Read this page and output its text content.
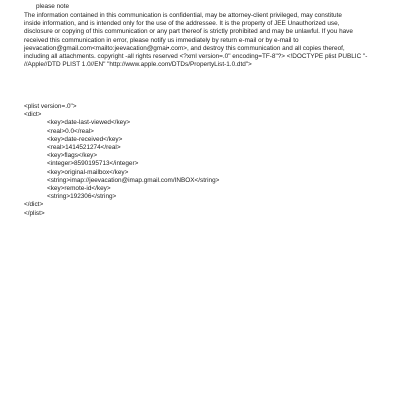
please note
The information contained in this communication is confidential, may be attorney-client privileged, may constitute
inside information, and is intended only for the use of the addressee. It is the property of JEE Unauthorized use,
disclosure or copying of this communication or any part thereof is strictly prohibited and may be unlawful. If you have
received this communication in error, please notify us immediately by return e-mail or by e-mail to
jeevacation@gmail.com<mailto:jeevacation@gmai•.com>, and destroy this communication and all copies thereof,
including all attachments. copyright -all rights reserved <?xml version=.0" encoding=TF-8"?> <!DOCTYPE plist PUBLIC "-
//Apple//DTD PLIST 1.0//EN" "http://www.apple.com/DTDs/PropertyList-1.0.dtd">
<plist version=.0">
<dict>
<key>date-last-viewed</key>
<real>0.0</real>
<key>date-received</key>
<real>1414521274</real>
<key>flags</key>
<integer>8590195713</integer>
<key>original-mailbox</key>
<string>imap://jeevacation@imap.gmail.com/INBOX</string>
<key>remote-id</key>
<string>192306</string>
</dict>
</plist>
